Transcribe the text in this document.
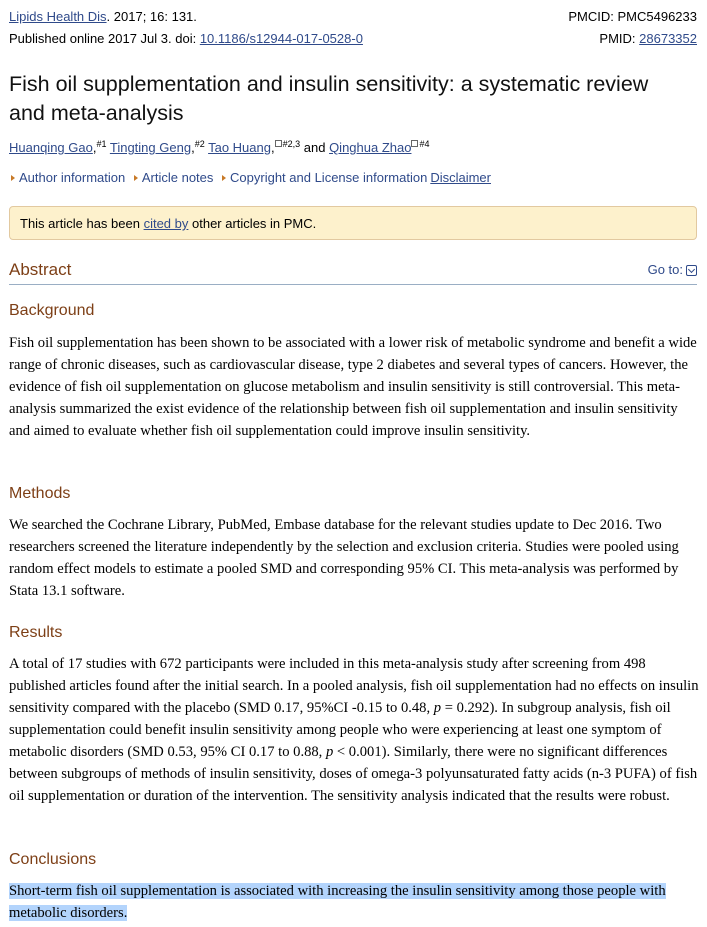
Lipids Health Dis. 2017; 16: 131.	PMCID: PMC5496233
Published online 2017 Jul 3. doi: 10.1186/s12944-017-0528-0	PMID: 28673352
Fish oil supplementation and insulin sensitivity: a systematic review and meta-analysis
Huanqing Gao,$^{\#1}$ Tingting Geng,$^{\#2}$ Tao Huang, $^{\#2,3}$ and Qinghua Zhao $^{\#4}$
Author information Article notes Copyright and License information Disclaimer
This article has been cited by other articles in PMC.
Abstract	Go to:
Background

Fish oil supplementation has been shown to be associated with a lower risk of metabolic syndrome and benefit a wide range of chronic diseases, such as cardiovascular disease, type 2 diabetes and several types of cancers. However, the evidence of fish oil supplementation on glucose metabolism and insulin sensitivity is still controversial. This meta-analysis summarized the exist evidence of the relationship between fish oil supplementation and insulin sensitivity and aimed to evaluate whether fish oil supplementation could improve insulin sensitivity.

Methods

We searched the Cochrane Library, PubMed, Embase database for the relevant studies update to Dec 2016. Two researchers screened the literature independently by the selection and exclusion criteria. Studies were pooled using random effect models to estimate a pooled SMD and corresponding 95% CI. This meta-analysis was performed by Stata 13.1 software.

Results

A total of 17 studies with 672 participants were included in this meta-analysis study after screening from 498 published articles found after the initial search. In a pooled analysis, fish oil supplementation had no effects on insulin sensitivity compared with the placebo (SMD 0.17, 95%CI -0.15 to 0.48, p = 0.292). In subgroup analysis, fish oil supplementation could benefit insulin sensitivity among people who were experiencing at least one symptom of metabolic disorders (SMD 0.53, 95% CI 0.17 to 0.88, p < 0.001). Similarly, there were no significant differences between subgroups of methods of insulin sensitivity, doses of omega-3 polyunsaturated fatty acids (n-3 PUFA) of fish oil supplementation or duration of the intervention. The sensitivity analysis indicated that the results were robust.

Conclusions

Short-term fish oil supplementation is associated with increasing the insulin sensitivity among those people with metabolic disorders.
